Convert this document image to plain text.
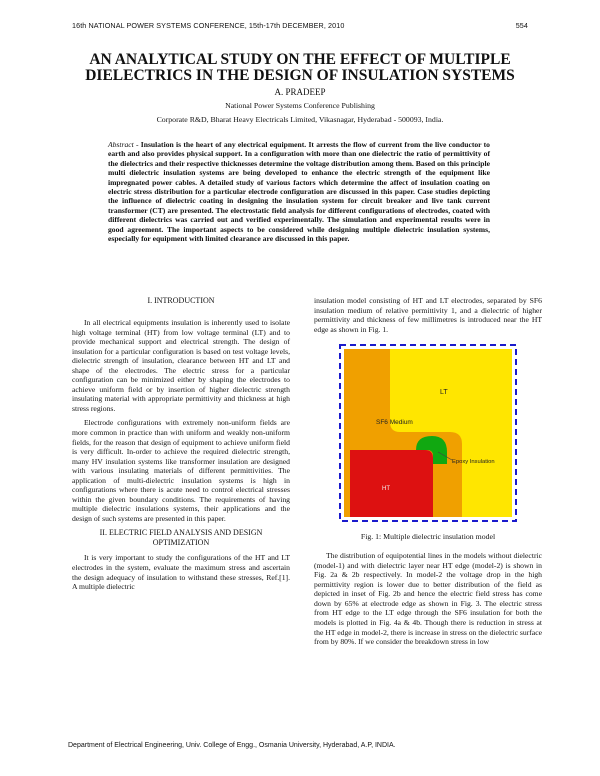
16th NATIONAL POWER SYSTEMS CONFERENCE, 15th-17th DECEMBER, 2010	554
AN ANALYTICAL STUDY ON THE EFFECT OF MULTIPLE
DIELECTRICS IN THE DESIGN OF INSULATION SYSTEMS
A. PRADEEP
National Power Systems Conference Publishing
Corporate R&D, Bharat Heavy Electricals Limited, Vikasnagar, Hyderabad - 500093, India.
Abstract - Insulation is the heart of any electrical equipment. It arrests the flow of current from the live conductor to earth and also provides physical support. In a configuration with more than one dielectric the ratio of permittivity of the dielectrics and their respective thicknesses determine the voltage distribution among them. Based on this principle multi dielectric insulation systems are being developed to enhance the electric strength of the equipment like impregnated power cables. A detailed study of various factors which determine the affect of insulation coating on electric stress distribution for a particular electrode configuration are discussed in this paper. Case studies depicting the influence of dielectric coating in designing the insulation system for circuit breaker and live tank current transformer (CT) are presented. The electrostatic field analysis for different configurations of electrodes, coated with different dielectrics was carried out and verified experimentally. The simulation and experimental results were in good agreement. The important aspects to be considered while designing multiple dielectric insulation systems, especially for equipment with limited clearance are discussed in this paper.
I. INTRODUCTION

In all electrical equipments insulation is inherently used to isolate high voltage terminal (HT) from low voltage terminal (LT) and to provide mechanical support and electrical strength. The design of insulation for a particular configuration is based on test voltage levels, dielectric strength of insulation, clearance between HT and LT and shape of the electrodes. The electric stress for a particular configuration can be minimized either by shaping the electrodes to achieve uniform field or by insertion of higher dielectric strength insulating material with appropriate permittivity and thickness at high stress regions.

Electrode configurations with extremely non-uniform fields are more common in practice than with uniform and weakly non-uniform fields, for the reason that design of equipment to achieve uniform field is very difficult. In-order to achieve the required dielectric strength, many HV insulation systems like transformer insulation are designed with various insulating materials of different permittivities. The application of multi-dielectric insulation systems is high in configurations where there is acute need to control electrical stresses within the given boundary conditions. The requirements of having multiple dielectric insulations systems, their applications and the design of such systems are presented in this paper.

II. ELECTRIC FIELD ANALYSIS AND DESIGN
OPTIMIZATION

It is very important to study the configurations of the HT and LT electrodes in the system, evaluate the maximum stress and ascertain the design adequacy of insulation to withstand these stresses, Ref.[1]. A multiple dielectric

insulation model consisting of HT and LT electrodes, separated by SF6 insulation medium of relative permittivity 1, and a dielectric of higher permittivity and thickness of few millimetres is introduced near the HT edge as shown in Fig. 1.

LT
SF6 Medium
Epoxy Insulation
HT
Fig. 1: Multiple dielectric insulation model

The distribution of equipotential lines in the models without dielectric (model-1) and with dielectric layer near HT edge (model-2) is shown in Fig. 2a & 2b respectively. In model-2 the voltage drop in the high permittivity region is lower due to better distribution of the field as depicted in inset of Fig. 2b and hence the electric field stress has come down by 65% at electrode edge as shown in Fig. 3. The electric stress from HT edge to the LT edge through the SF6 insulation for both the models is plotted in Fig. 4a & 4b. Though there is reduction in stress at the HT edge in model-2, there is increase in stress on the dielectric surface from by 80%. If we consider the breakdown stress in low

Department of Electrical Engineering, Univ. College of Engg., Osmania University, Hyderabad, A.P, INDIA.
